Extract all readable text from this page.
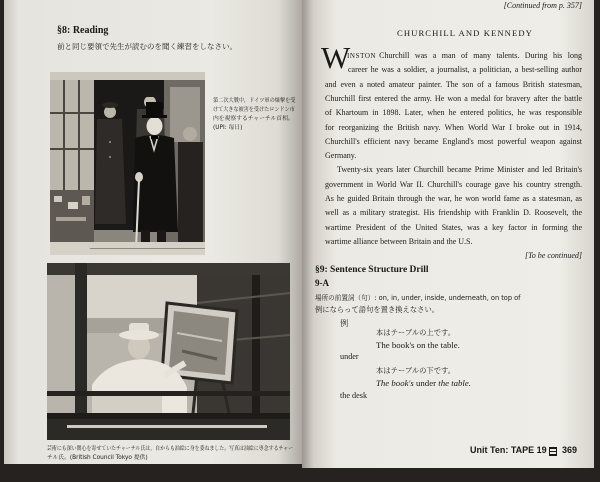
§8: Reading
前と同じ要領で先生が読むのを聞く練習をしなさい。
第二次大戦中，ドイツ軍の爆撃を受
けて大きな被害を受けたロンドン市
内を視察するチャーチル首相。
(UPI: 毎日)
芸術にも深い関心を寄せていたチャーチル氏は，自からも油絵に身を委ねました。写真は油絵に専念するチャー
チル氏。(British Council Tokyo 提供)
[Continued from p. 357]
CHURCHILL AND KENNEDY
W
INSTON Churchill was a man of many talents. During his long
career he was a soldier, a journalist, a politician, a best-selling author
and even a noted amateur painter. The son of a famous British statesman,
Churchill first entered the army. He won a medal for bravery after the battle
of Khartoum in 1898. Later, when he entered politics, he was responsible
for reorganizing the British navy. When World War I broke out in 1914,
Churchill's efficient navy became England's most powerful weapon against
Germany.
Twenty-six years later Churchill became Prime Minister and led Britain's
government in World War II. Churchill's courage gave his country strength.
As he guided Britain through the war, he won world fame as a statesman, as
well as a military strategist. His friendship with Franklin D. Roosevelt, the
wartime President of the United States, was a key factor in forming the
wartime alliance between Britain and the U.S.
[To be continued]
§9: Sentence Structure Drill
9-A
場所の前置詞（句）: on, in, under, inside, underneath, on top of
例にならって語句を置き換えなさい。
例
本はテーブルの上です。
The book's on the table.
under
本はテーブルの下です。
The book's under the table.
the desk
Unit Ten: TAPE 19 369
